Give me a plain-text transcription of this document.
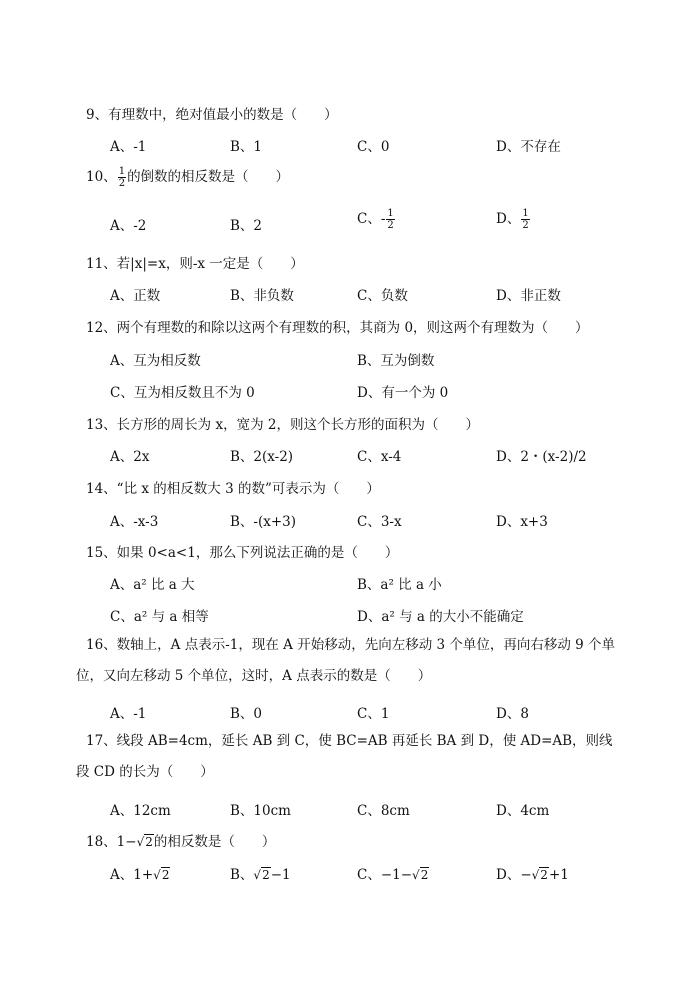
9、有理数中，绝对值最小的数是（　　）
A、-1	B、1	C、0	D、不存在
10、 $\frac{1}{2}$ 的倒数的相反数是（　　）
A、-2	B、2	C、- $\frac{1}{2}$	D、 $\frac{1}{2}$
11、若|x|=x，则-x 一定是（　　）
A、正数	B、非负数	C、负数	D、非正数
12、两个有理数的和除以这两个有理数的积，其商为 0，则这两个有理数为（　　）
A、互为相反数	B、互为倒数
C、互为相反数且不为 0	D、有一个为 0
13、长方形的周长为 x，宽为 2，则这个长方形的面积为（　　）
A、2x	B、2(x-2)	C、x-4	D、2・(x-2)/2
14、“比 x 的相反数大 3 的数”可表示为（　　）
A、-x-3	B、-(x+3)	C、3-x	D、x+3
15、如果 0<a<1，那么下列说法正确的是（　　）
A、a² 比 a 大	B、a² 比 a 小
C、a² 与 a 相等	D、a² 与 a 的大小不能确定
16、数轴上，A 点表示-1，现在 A 开始移动，先向左移动 3 个单位，再向右移动 9 个单位，又向左移动 5 个单位，这时，A 点表示的数是（　　）
A、-1	B、0	C、1	D、8
17、线段 AB=4cm，延长 AB 到 C，使 BC=AB 再延长 BA 到 D，使 AD=AB，则线段 CD 的长为（　　）
A、12cm	B、10cm	C、8cm	D、4cm
18、1−√2的相反数是（　　）
A、1+√2	B、√2−1	C、−1−√2	D、−√2+1
